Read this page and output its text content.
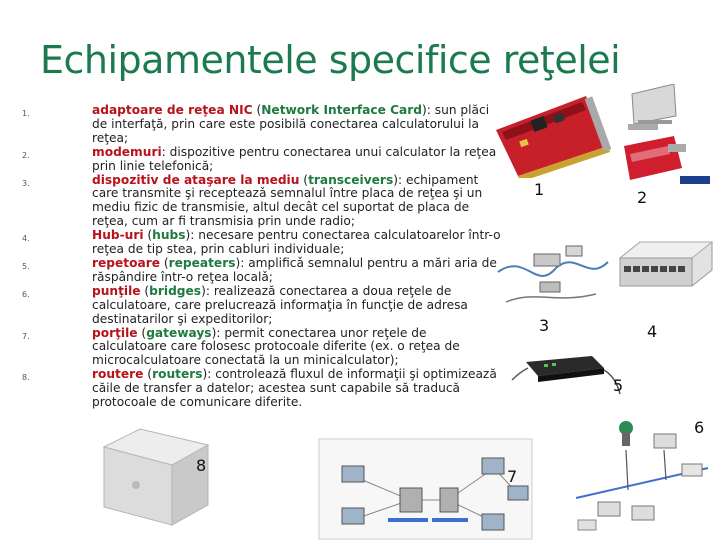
Echipamentele specifice reţelei
1.	adaptoare de reţea NIC (Network Interface Card): sun plăci de interfaţă, prin care este posibilă conectarea calculatorului la reţea;
2.	modemuri: dispozitive pentru conectarea unui calculator la reţea prin linie telefonică;
3.	dispozitiv de ataşare la mediu (transceivers): echipament care transmite şi recepteazǎ semnalul între placa de reţea şi un mediu fizic de transmisie, altul decât cel suportat de placa de reţea, cum ar fi transmisia prin unde radio;
4.	Hub-uri (hubs): necesare pentru conectarea calculatoarelor într-o reţea de tip stea, prin cabluri individuale;
5.	repetoare (repeaters): amplificǎ semnalul pentru a mări aria de răspândire într-o reţea localǎ;
6.	punţile (bridges): realizează conectarea a doua reţele de calculatoare, care prelucrează informaţia în funcţie de adresa destinatarilor şi expeditorilor;
7.	porţile (gateways): permit conectarea unor reţele de calculatoare care folosesc protocoale diferite (ex. o reţea de microcalculatoare conectată la un minicalculator);
8.	routere (routers): controlează fluxul de informaţii şi optimizează căile de transfer a datelor; acestea sunt capabile să traducă protocoale de comunicare diferite.
1	2
3	4
5
6
7
8
